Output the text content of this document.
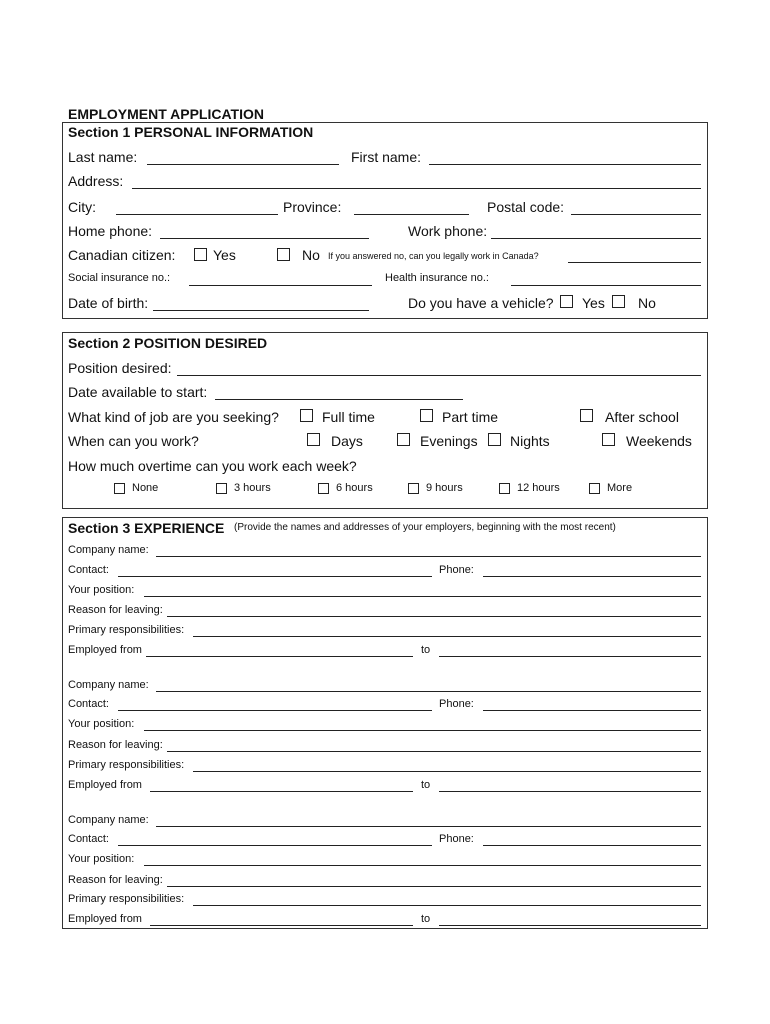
EMPLOYMENT APPLICATION
Section 1 PERSONAL INFORMATION
Last name:	First name:
Address:
City:	Province:	Postal code:
Home phone:	Work phone:
Canadian citizen:	Yes	No If you answered no, can you legally work in Canada?
Social insurance no.:	Health insurance no.:
Date of birth:	Do you have a vehicle? Yes No
Section 2 POSITION DESIRED
Position desired:
Date available to start:
What kind of job are you seeking?	Full time	Part time	After school
When can you work?	Days	Evenings Nights	Weekends
How much overtime can you work each week?
None	3 hours	6 hours	9 hours	12 hours	More
Section 3 EXPERIENCE (Provide the names and addresses of your employers, beginning with the most recent)
Company name:
Contact:	Phone:
Your position:
Reason for leaving:
Primary responsibilities:
Employed from	to
Company name:
Contact:	Phone:
Your position:
Reason for leaving:
Primary responsibilities:
Employed from	to
Company name:
Contact:	Phone:
Your position:
Reason for leaving:
Primary responsibilities:
Employed from	to
